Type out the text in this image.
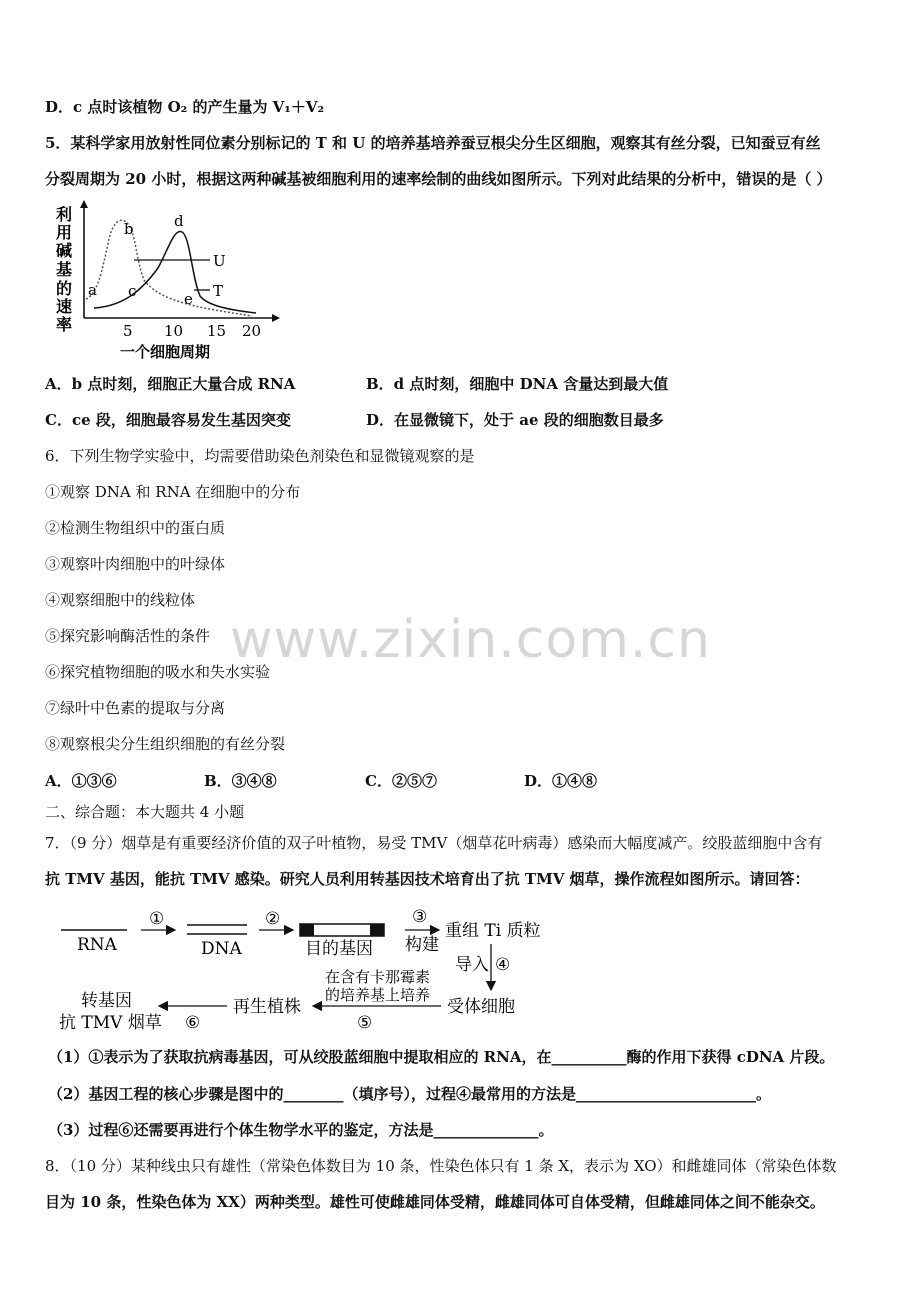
D．c 点时该植物 O₂ 的产生量为 V₁＋V₂
5．某科学家用放射性同位素分别标记的 T 和 U 的培养基培养蚕豆根尖分生区细胞，观察其有丝分裂，已知蚕豆有丝
分裂周期为 20 小时，根据这两种碱基被细胞利用的速率绘制的曲线如图所示。下列对此结果的分析中，错误的是（ ）
利
用
碱
基
的
速
率
a
b
c
d
e
U
T
5 10 15 20
一个细胞周期
A．b 点时刻，细胞正大量合成 RNA	B．d 点时刻，细胞中 DNA 含量达到最大值
C．ce 段，细胞最容易发生基因突变	D．在显微镜下，处于 ae 段的细胞数目最多
6．下列生物学实验中，均需要借助染色剂染色和显微镜观察的是
①观察 DNA 和 RNA 在细胞中的分布
②检测生物组织中的蛋白质
③观察叶肉细胞中的叶绿体
④观察细胞中的线粒体
⑤探究影响酶活性的条件
⑥探究植物细胞的吸水和失水实验
⑦绿叶中色素的提取与分离
⑧观察根尖分生组织细胞的有丝分裂
A．①③⑥	B．③④⑧	C．②⑤⑦	D．①④⑧
二、综合题：本大题共 4 小题
7．（9 分）烟草是有重要经济价值的双子叶植物，易受 TMV（烟草花叶病毒）感染而大幅度减产。绞股蓝细胞中含有
抗 TMV 基因，能抗 TMV 感染。研究人员利用转基因技术培育出了抗 TMV 烟草，操作流程如图所示。请回答：
RNA
①
DNA
②
目的基因
③
构建
重组 Ti 质粒
导入 ④
受体细胞
在含有卡那霉素
的培养基上培养
⑤
再生植株
转基因
抗 TMV 烟草 ⑥
（1）①表示为了获取抗病毒基因，可从绞股蓝细胞中提取相应的 RNA，在__________酶的作用下获得 cDNA 片段。
（2）基因工程的核心步骤是图中的________（填序号），过程④最常用的方法是________________________。
（3）过程⑥还需要再进行个体生物学水平的鉴定，方法是______________。
8．（10 分）某种线虫只有雄性（常染色体数目为 10 条，性染色体只有 1 条 X，表示为 XO）和雌雄同体（常染色体数
目为 10 条，性染色体为 XX）两种类型。雄性可使雌雄同体受精，雌雄同体可自体受精，但雌雄同体之间不能杂交。
www.zixin.com.cn
